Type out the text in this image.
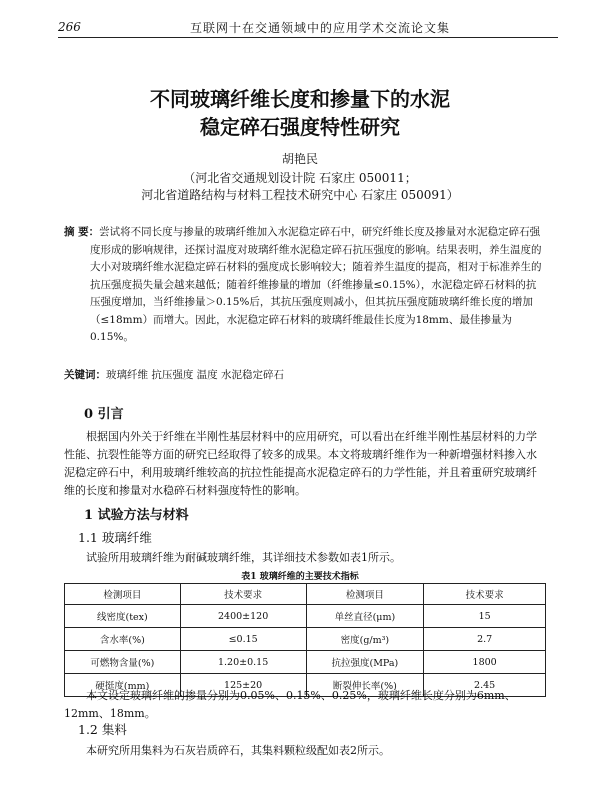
266	互联网十在交通领域中的应用学术交流论文集
不同玻璃纤维长度和掺量下的水泥
稳定碎石强度特性研究
胡艳民
（河北省交通规划设计院 石家庄 050011；
河北省道路结构与材料工程技术研究中心 石家庄 050091）
摘 要：尝试将不同长度与掺量的玻璃纤维加入水泥稳定碎石中，研究纤维长度及掺量对水泥稳定碎石强度形成的影响规律，还探讨温度对玻璃纤维水泥稳定碎石抗压强度的影响。结果表明，养生温度的大小对玻璃纤维水泥稳定碎石材料的强度成长影响较大；随着养生温度的提高，相对于标准养生的抗压强度损失量会越来越低；随着纤维掺量的增加（纤维掺量≤0.15%），水泥稳定碎石材料的抗压强度增加，当纤维掺量＞0.15%后，其抗压强度则减小，但其抗压强度随玻璃纤维长度的增加（≤18mm）而增大。因此，水泥稳定碎石材料的玻璃纤维最佳长度为18mm、最佳掺量为0.15%。
关键词：玻璃纤维 抗压强度 温度 水泥稳定碎石
0 引言
根据国内外关于纤维在半刚性基层材料中的应用研究，可以看出在纤维半刚性基层材料的力学性能、抗裂性能等方面的研究已经取得了较多的成果。本文将玻璃纤维作为一种新增强材料掺入水泥稳定碎石中，利用玻璃纤维较高的抗拉性能提高水泥稳定碎石的力学性能，并且着重研究玻璃纤维的长度和掺量对水稳碎石材料强度特性的影响。
1 试验方法与材料
1.1 玻璃纤维
试验所用玻璃纤维为耐碱玻璃纤维，其详细技术参数如表1所示。
表1 玻璃纤维的主要技术指标
检测项目	技术要求	检测项目	技术要求
线密度(tex)	2400±120	单丝直径(μm)	15
含水率(%)	≤0.15	密度(g/m³)	2.7
可燃物含量(%)	1.20±0.15	抗拉强度(MPa)	1800
硬挺度(mm)	125±20	断裂伸长率(%)	2.45
本文设定玻璃纤维的掺量分别为0.05%、0.15%、0.25%，玻璃纤维长度分别为6mm、12mm、18mm。
1.2 集料
本研究所用集料为石灰岩质碎石，其集料颗粒级配如表2所示。
